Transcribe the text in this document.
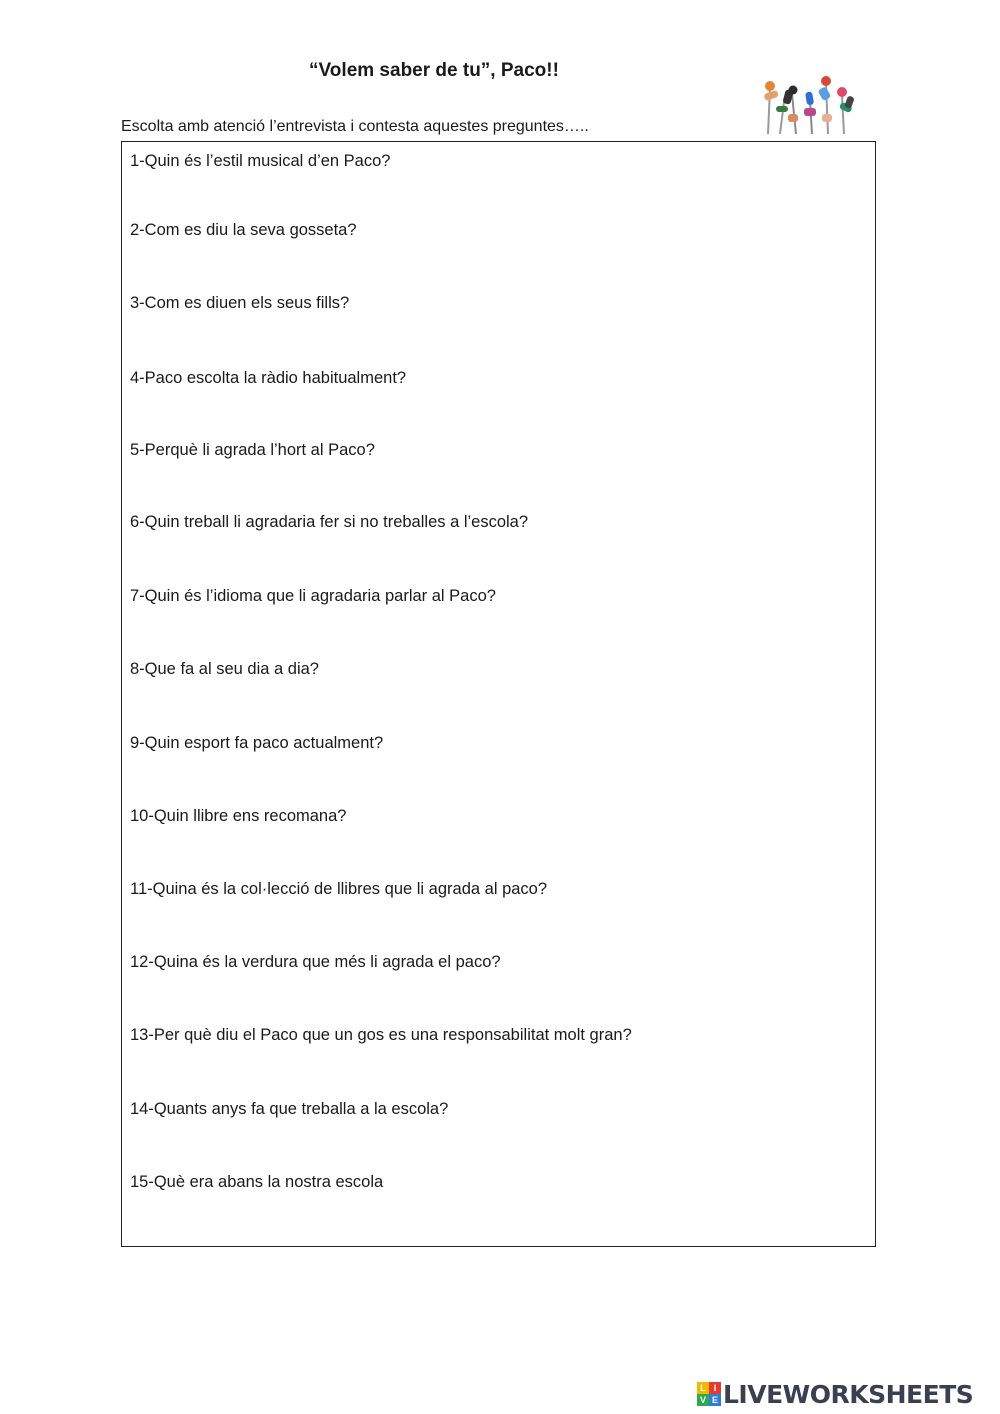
“Volem saber de tu”, Paco!!
Escolta amb atenció l’entrevista i contesta aquestes preguntes…..
1-Quin és l’estil musical d’en Paco?
2-Com es diu la seva gosseta?
3-Com es diuen els seus fills?
4-Paco escolta la ràdio habitualment?
5-Perquè li agrada l’hort al Paco?
6-Quin treball li agradaria fer si no treballes a l’escola?
7-Quin és l’idioma que li agradaria parlar al Paco?
8-Que fa al seu dia a dia?
9-Quin esport fa paco actualment?
10-Quin llibre ens recomana?
11-Quina és la col·lecció de llibres que li agrada al paco?
12-Quina és la verdura que més li agrada el paco?
13-Per què diu el Paco que un gos es una responsabilitat molt gran?
14-Quants anys fa que treballa a la escola?
15-Què era abans la nostra escola
L I
V E LIVEWORKSHEETS
